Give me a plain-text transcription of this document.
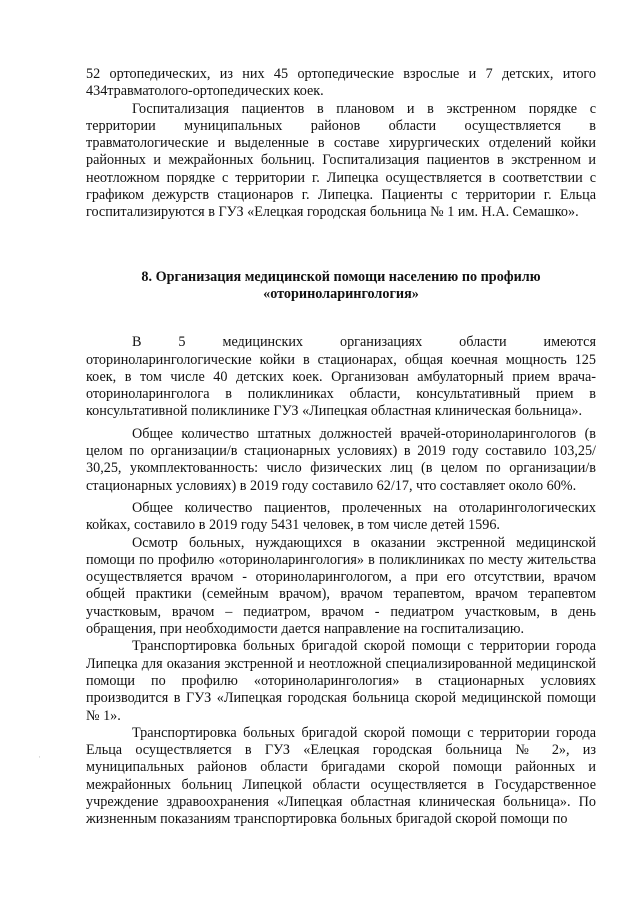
52 ортопедических, из них 45 ортопедические взрослые и 7 детских, итого 434травматолого-ортопедических коек.

Госпитализация пациентов в плановом и в экстренном порядке с территории муниципальных районов области осуществляется в травматологические и выделенные в составе хирургических отделений койки районных и межрайонных больниц. Госпитализация пациентов в экстренном и неотложном порядке с территории г. Липецка осуществляется в соответствии с графиком дежурств стационаров г. Липецка. Пациенты с территории г. Ельца госпитализируются в ГУЗ «Елецкая городская больница № 1 им. Н.А. Семашко».

8. Организация медицинской помощи населению по профилю «оториноларингология»

В 5 медицинских организациях области имеются оториноларингологические койки в стационарах, общая коечная мощность 125 коек, в том числе 40 детских коек. Организован амбулаторный прием врача-оториноларинголога в поликлиниках области, консультативный прием в консультативной поликлинике ГУЗ «Липецкая областная клиническая больница».

Общее количество штатных должностей врачей-оториноларингологов (в целом по организации/в стационарных условиях) в 2019 году составило 103,25/ 30,25, укомплектованность: число физических лиц (в целом по организации/в стационарных условиях) в 2019 году составило 62/17, что составляет около 60%.

Общее количество пациентов, пролеченных на отоларингологических койках, составило в 2019 году 5431 человек, в том числе детей 1596.

Осмотр больных, нуждающихся в оказании экстренной медицинской помощи по профилю «оториноларингология» в поликлиниках по месту жительства осуществляется врачом - оториноларингологом, а при его отсутствии, врачом общей практики (семейным врачом), врачом терапевтом, врачом терапевтом участковым, врачом – педиатром, врачом - педиатром участковым, в день обращения, при необходимости дается направление на госпитализацию.

Транспортировка больных бригадой скорой помощи с территории города Липецка для оказания экстренной и неотложной специализированной медицинской помощи по профилю «оториноларингология» в стационарных условиях производится в ГУЗ «Липецкая городская больница скорой медицинской помощи № 1».

Транспортировка больных бригадой скорой помощи с территории города Ельца осуществляется в ГУЗ «Елецкая городская больница № 2», из муниципальных районов области бригадами скорой помощи районных и межрайонных больниц Липецкой области осуществляется в Государственное учреждение здравоохранения «Липецкая областная клиническая больница». По жизненным показаниям транспортировка больных бригадой скорой помощи по

·
